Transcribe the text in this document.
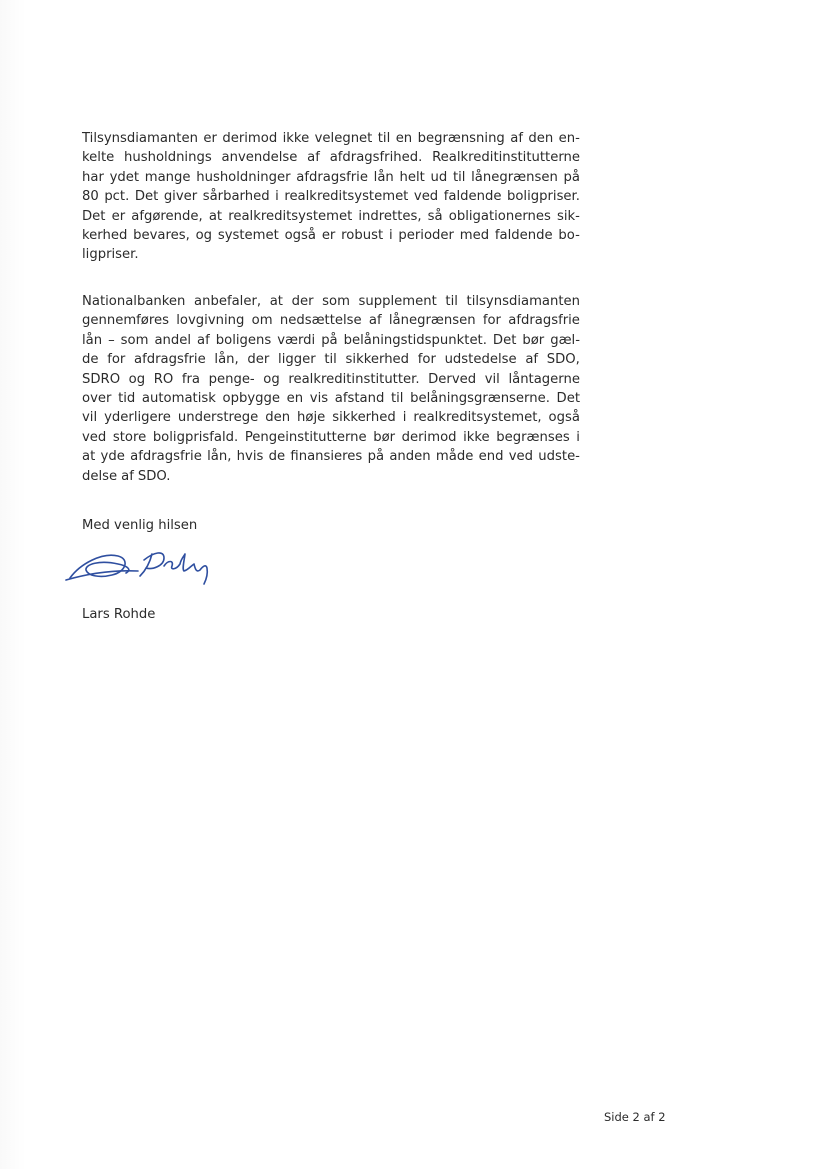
Tilsynsdiamanten er derimod ikke velegnet til en begrænsning af den en-
kelte husholdnings anvendelse af afdragsfrihed. Realkreditinstitutterne
har ydet mange husholdninger afdragsfrie lån helt ud til lånegrænsen på
80 pct. Det giver sårbarhed i realkreditsystemet ved faldende boligpriser.
Det er afgørende, at realkreditsystemet indrettes, så obligationernes sik-
kerhed bevares, og systemet også er robust i perioder med faldende bo-
ligpriser.
Nationalbanken anbefaler, at der som supplement til tilsynsdiamanten
gennemføres lovgivning om nedsættelse af lånegrænsen for afdragsfrie
lån – som andel af boligens værdi på belåningstidspunktet. Det bør gæl-
de for afdragsfrie lån, der ligger til sikkerhed for udstedelse af SDO,
SDRO og RO fra penge- og realkreditinstitutter. Derved vil låntagerne
over tid automatisk opbygge en vis afstand til belåningsgrænserne. Det
vil yderligere understrege den høje sikkerhed i realkreditsystemet, også
ved store boligprisfald. Pengeinstitutterne bør derimod ikke begrænses i
at yde afdragsfrie lån, hvis de finansieres på anden måde end ved udste-
delse af SDO.
Med venlig hilsen
Lars Rohde
Side 2 af 2
